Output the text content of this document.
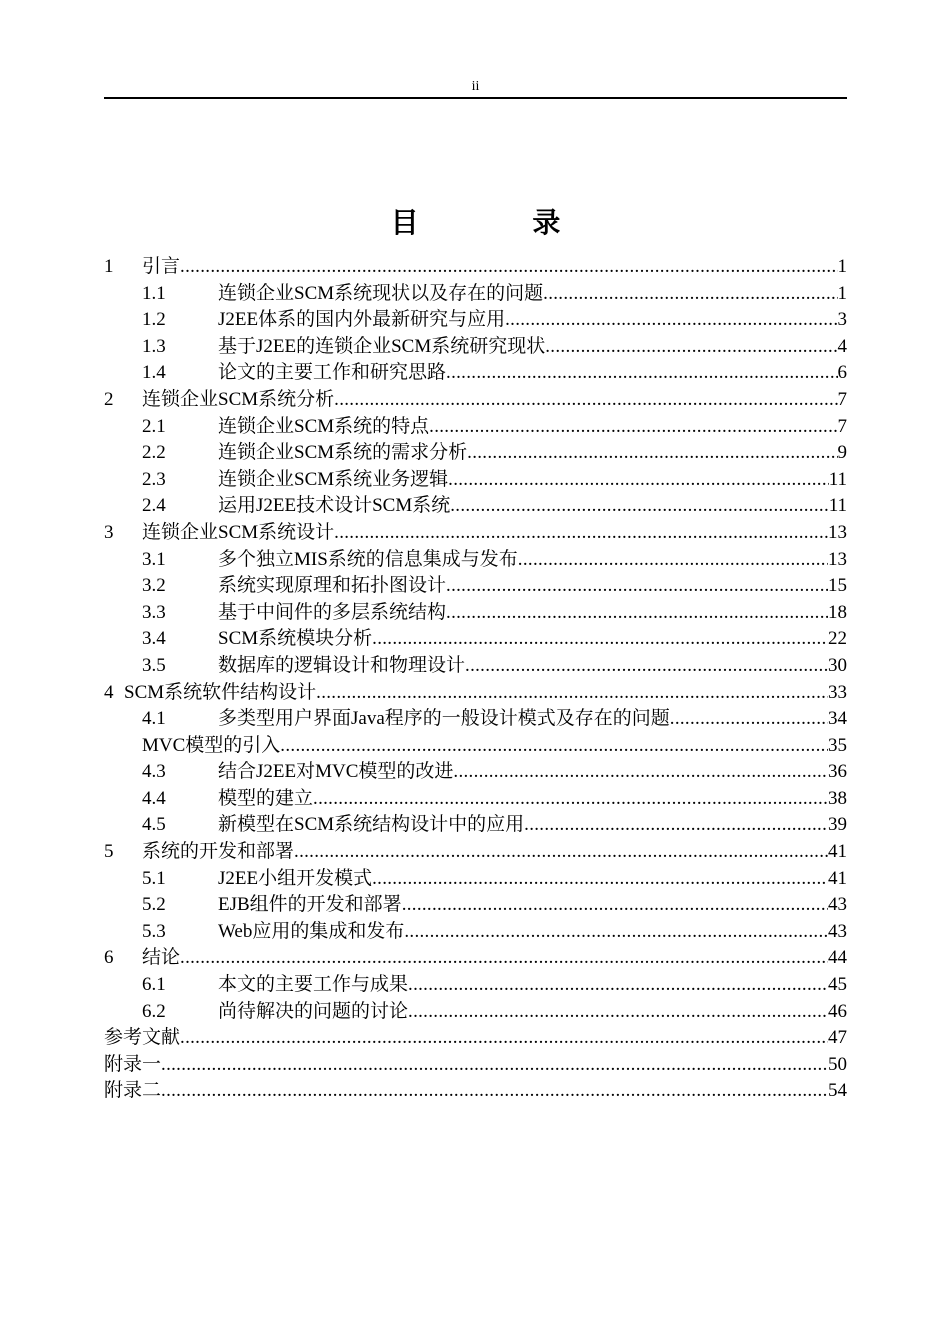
ii
目 录
1	引言 .....	1
1.1	连锁企业SCM系统现状以及存在的问题 .....	1
1.2	J2EE体系的国内外最新研究与应用 .....	3
1.3	基于J2EE的连锁企业SCM系统研究现状 .....	4
1.4	论文的主要工作和研究思路 .....	6
2	连锁企业SCM系统分析 .....	7
2.1	连锁企业SCM系统的特点 .....	7
2.2	连锁企业SCM系统的需求分析 .....	9
2.3	连锁企业SCM系统业务逻辑 .....	11
2.4	运用J2EE技术设计SCM系统 .....	11
3	连锁企业SCM系统设计 .....	13
3.1	多个独立MIS系统的信息集成与发布 .....	13
3.2	系统实现原理和拓扑图设计 .....	15
3.3	基于中间件的多层系统结构 .....	18
3.4	SCM系统模块分析 .....	22
3.5	数据库的逻辑设计和物理设计 .....	30
4 SCM系统软件结构设计 .....	33
4.1	多类型用户界面Java程序的一般设计模式及存在的问题 .....	34
MVC模型的引入 .....	35
4.3	结合J2EE对MVC模型的改进 .....	36
4.4	模型的建立 .....	38
4.5	新模型在SCM系统结构设计中的应用 .....	39
5	系统的开发和部署 .....	41
5.1	J2EE小组开发模式 .....	41
5.2	EJB组件的开发和部署 .....	43
5.3	Web应用的集成和发布 .....	43
6	结论 .....	44
6.1	本文的主要工作与成果 .....	45
6.2	尚待解决的问题的讨论 .....	46
参考文献 .....	47
附录一 .....	50
附录二 .....	54
